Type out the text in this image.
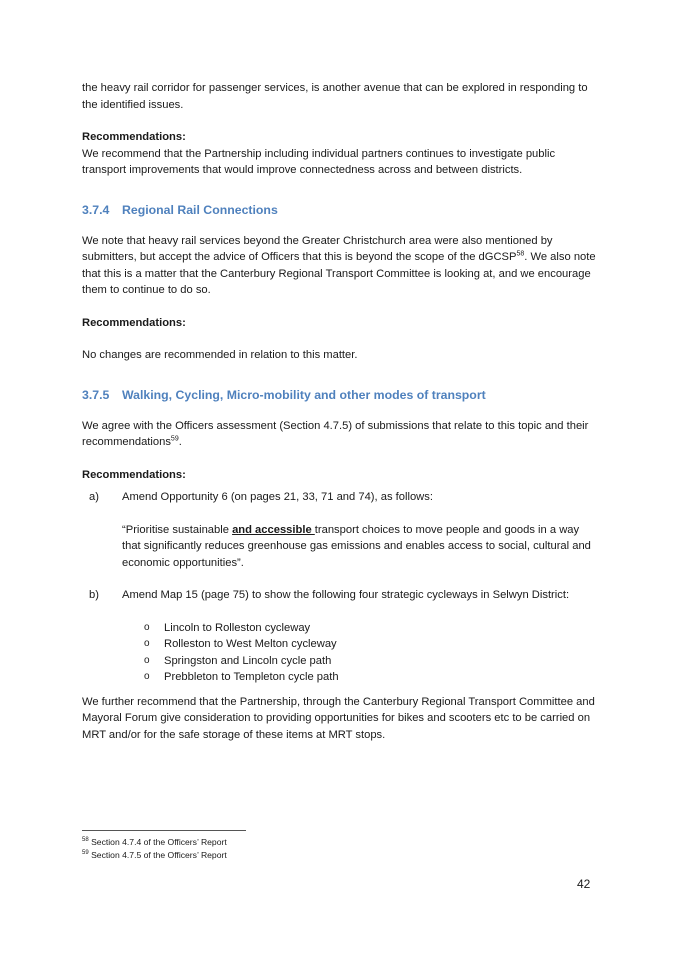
the heavy rail corridor for passenger services, is another avenue that can be explored in responding to the identified issues.

Recommendations:

We recommend that the Partnership including individual partners continues to investigate public transport improvements that would improve connectedness across and between districts.

3.7.4 Regional Rail Connections

We note that heavy rail services beyond the Greater Christchurch area were also mentioned by submitters, but accept the advice of Officers that this is beyond the scope of the dGCSP$^{58}$. We also note that this is a matter that the Canterbury Regional Transport Committee is looking at, and we encourage them to continue to do so.

Recommendations:

No changes are recommended in relation to this matter.

3.7.5 Walking, Cycling, Micro-mobility and other modes of transport

We agree with the Officers assessment (Section 4.7.5) of submissions that relate to this topic and their recommendations$^{59}$.

Recommendations:

a) Amend Opportunity 6 (on pages 21, 33, 71 and 74), as follows:

“Prioritise sustainable and accessible transport choices to move people and goods in a way that significantly reduces greenhouse gas emissions and enables access to social, cultural and economic opportunities”.

b) Amend Map 15 (page 75) to show the following four strategic cycleways in Selwyn District:
o Lincoln to Rolleston cycleway
o Rolleston to West Melton cycleway
o Springston and Lincoln cycle path
o Prebbleton to Templeton cycle path

We further recommend that the Partnership, through the Canterbury Regional Transport Committee and Mayoral Forum give consideration to providing opportunities for bikes and scooters etc to be carried on MRT and/or for the safe storage of these items at MRT stops.

$^{58}$ Section 4.7.4 of the Officers’ Report
$^{59}$ Section 4.7.5 of the Officers’ Report
42
